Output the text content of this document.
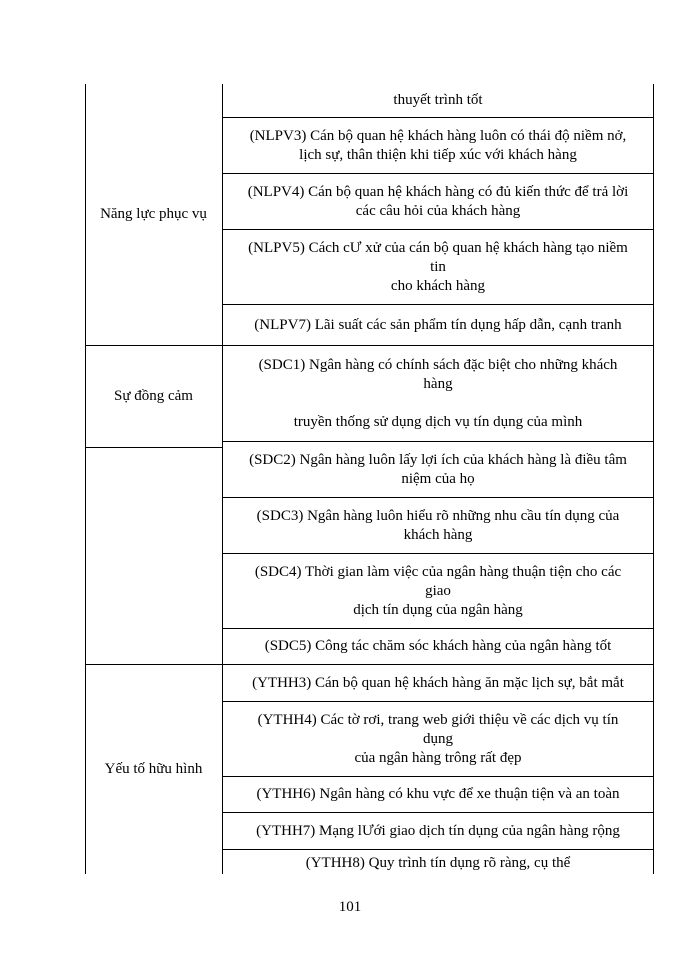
Năng lực phục vụ
Sự đồng cảm
Yếu tố hữu hình
thuyết trình tốt
(NLPV3) Cán bộ quan hệ khách hàng luôn có thái độ niềm nở,
lịch sự, thân thiện khi tiếp xúc với khách hàng
(NLPV4) Cán bộ quan hệ khách hàng có đủ kiến thức để trả lời
các câu hỏi của khách hàng
(NLPV5) Cách cƯ xử của cán bộ quan hệ khách hàng tạo niềm
tin
cho khách hàng
(NLPV7) Lãi suất các sản phẩm tín dụng hấp dẫn, cạnh tranh
(SDC1) Ngân hàng có chính sách đặc biệt cho những khách
hàng
truyền thống sử dụng dịch vụ tín dụng của mình
(SDC2) Ngân hàng luôn lấy lợi ích của khách hàng là điều tâm
niệm của họ
(SDC3) Ngân hàng luôn hiểu rõ những nhu cầu tín dụng của
khách hàng
(SDC4) Thời gian làm việc của ngân hàng thuận tiện cho các
giao
dịch tín dụng của ngân hàng
(SDC5) Công tác chăm sóc khách hàng của ngân hàng tốt
(YTHH3) Cán bộ quan hệ khách hàng ăn mặc lịch sự, bắt mắt
(YTHH4) Các tờ rơi, trang web giới thiệu về các dịch vụ tín
dụng
của ngân hàng trông rất đẹp
(YTHH6) Ngân hàng có khu vực để xe thuận tiện và an toàn
(YTHH7) Mạng lƯới giao dịch tín dụng của ngân hàng rộng
(YTHH8) Quy trình tín dụng rõ ràng, cụ thể
101
